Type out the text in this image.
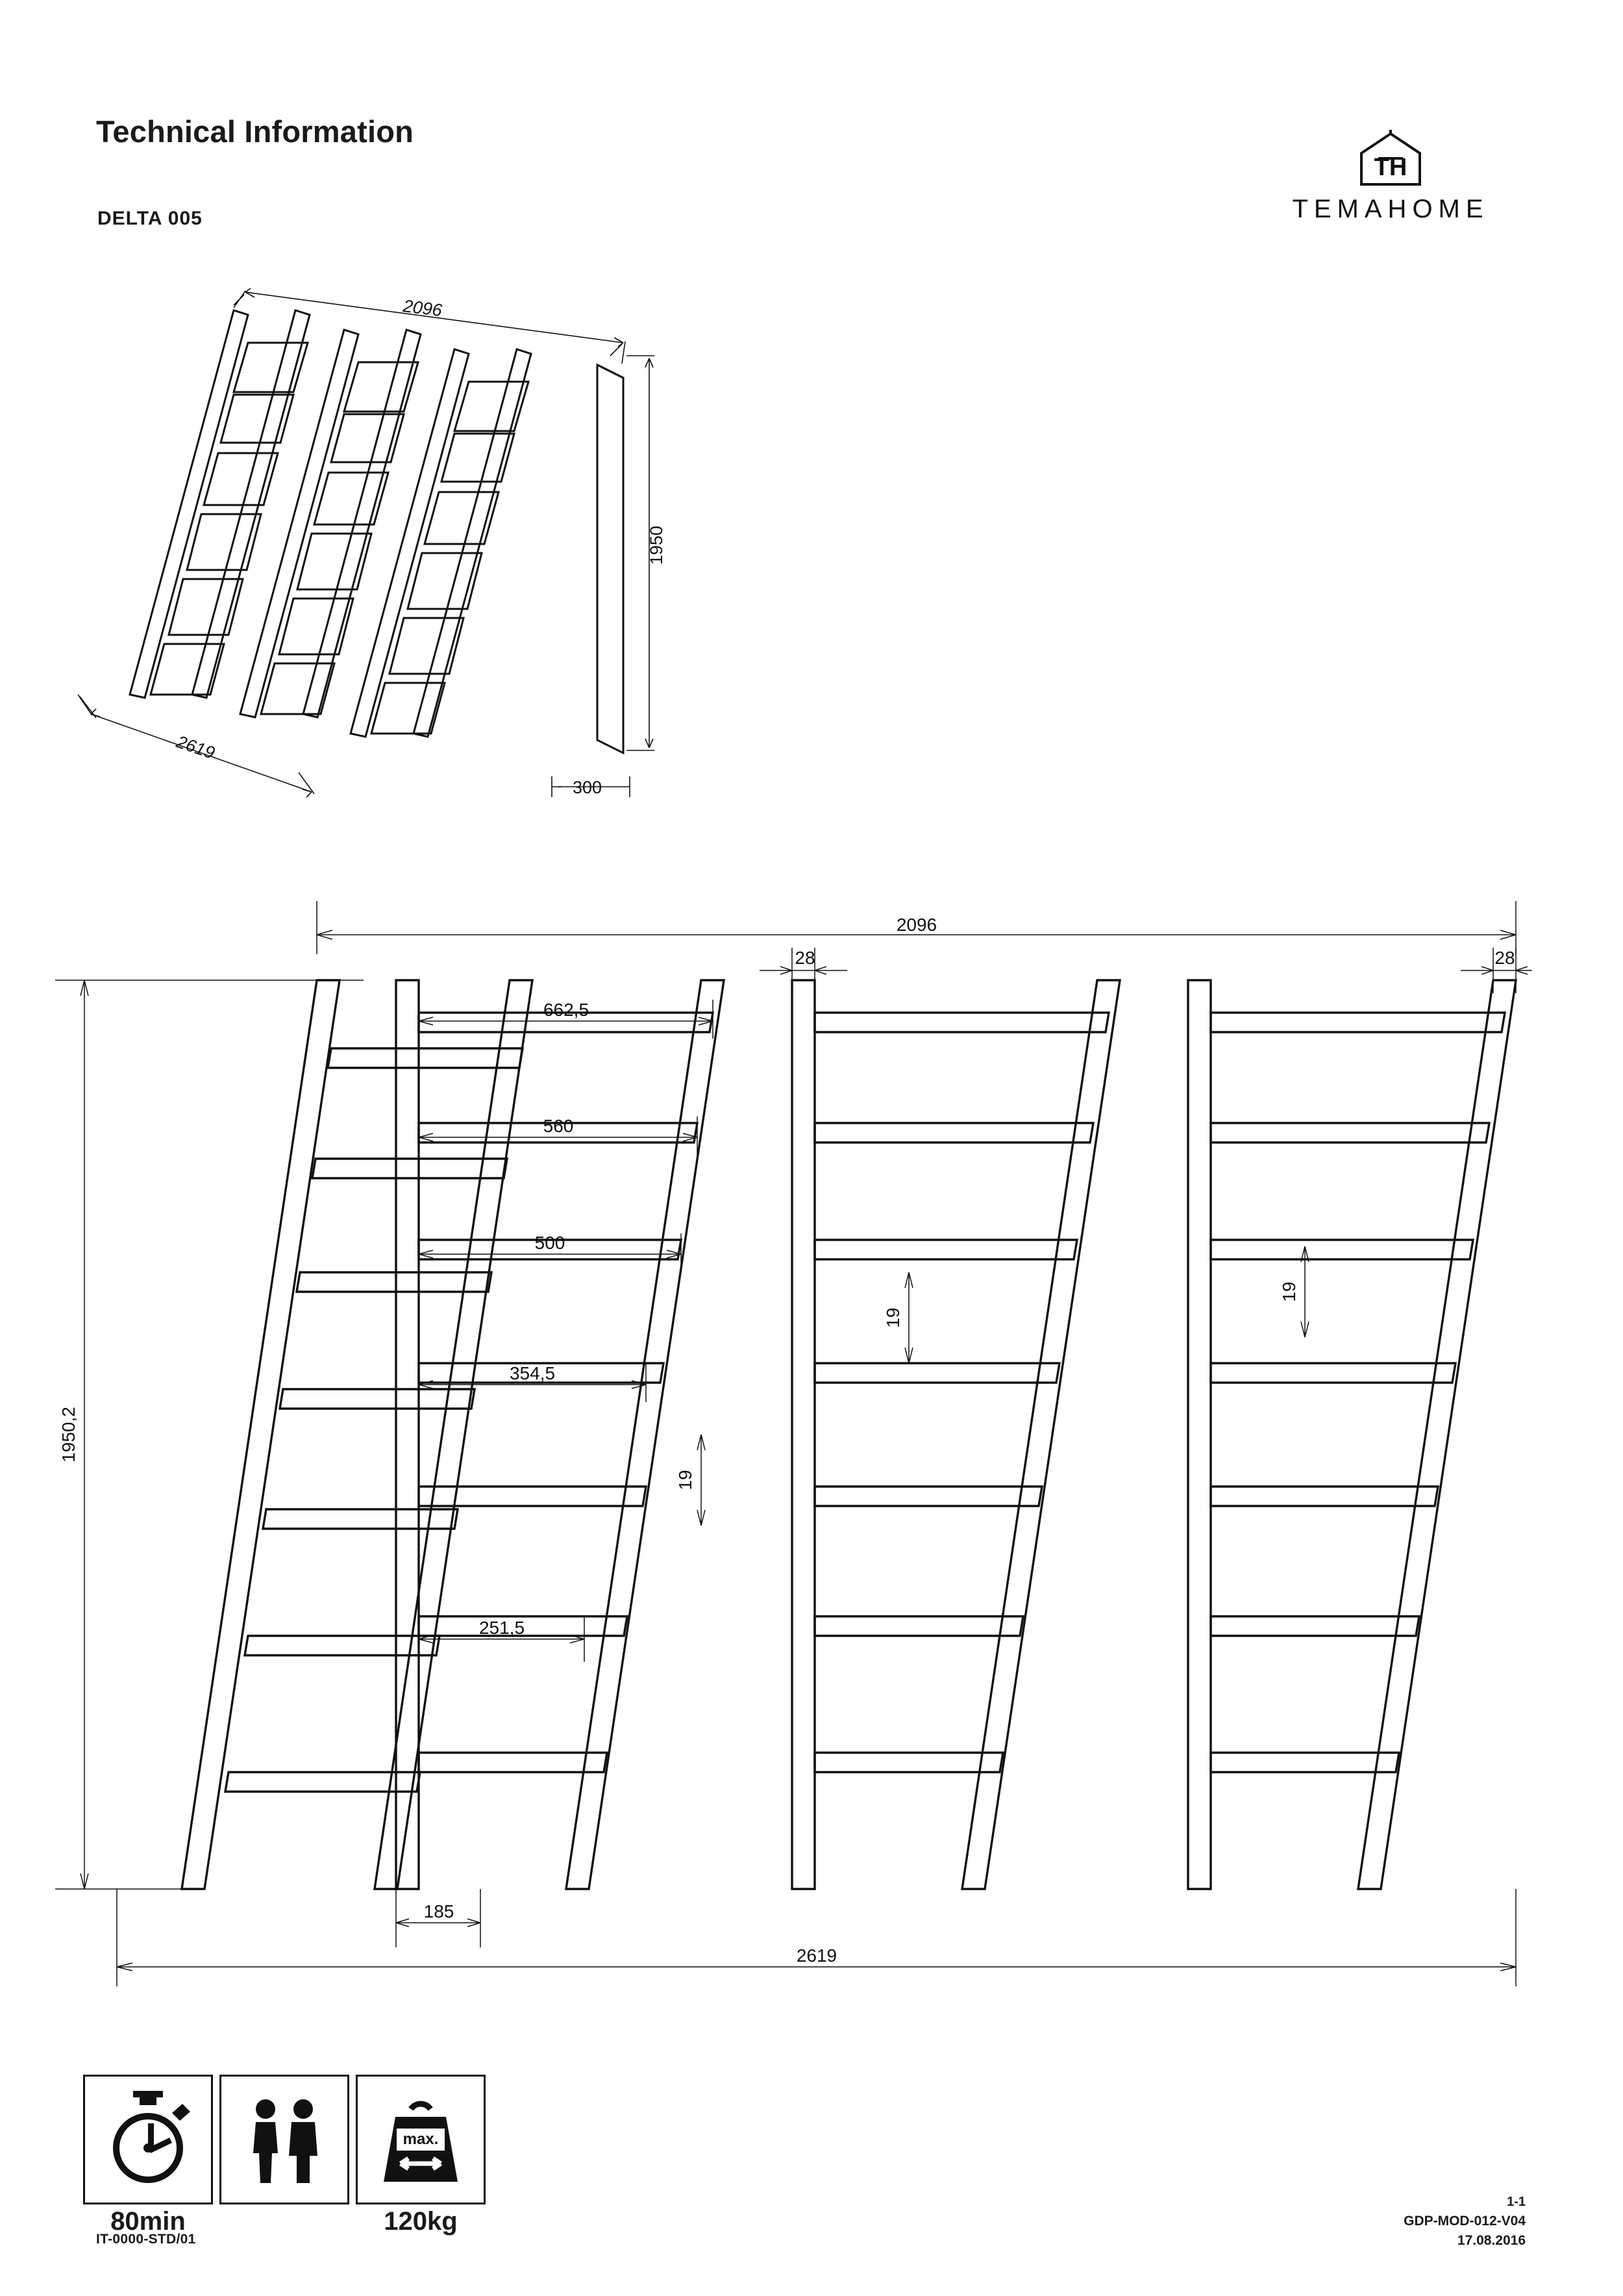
Technical Information
DELTA 005
TH
TEMAHOME
2096
1950
2619
300
2096
28	28
662,5
560
500
354,5
251,5
185
1950,2
2619
19
19
19
80min

max.
120kg
IT-0000-STD/01
1-1
GDP-MOD-012-V04
17.08.2016
